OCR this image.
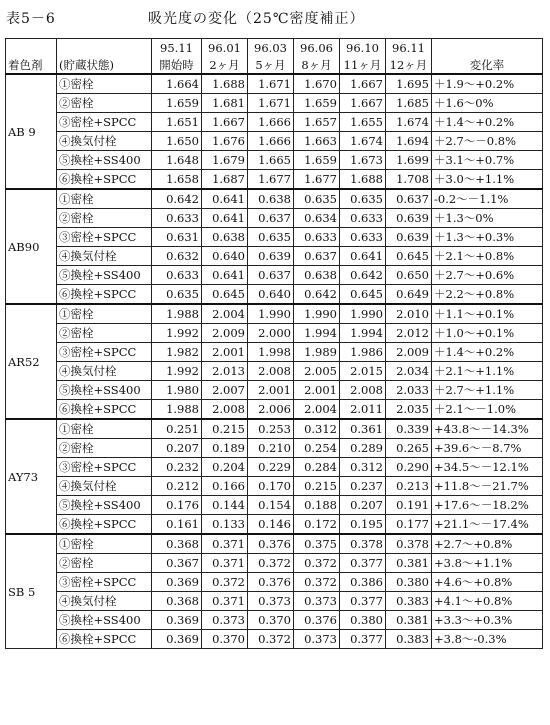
表5－6	吸光度の変化（25℃密度補正）
着色剤	(貯蔵状態)	95.11	96.01	96.03	96.06	96.10	96.11	変化率
		開始時	2ヶ月	5ヶ月	8ヶ月	11ヶ月	12ヶ月	
AB 9	①密栓	1.664	1.688	1.671	1.670	1.667	1.695	＋1.9～+0.2%
	②密栓	1.659	1.681	1.671	1.659	1.667	1.685	＋1.6～0%
	③密栓+SPCC	1.651	1.667	1.666	1.657	1.655	1.674	＋1.4～+0.2%
	④換気付栓	1.650	1.676	1.666	1.663	1.674	1.694	＋2.7～－0.8%
	⑤換栓+SS400	1.648	1.679	1.665	1.659	1.673	1.699	＋3.1～+0.7%
	⑥換栓+SPCC	1.658	1.687	1.677	1.677	1.688	1.708	＋3.0～+1.1%
AB90	①密栓	0.642	0.641	0.638	0.635	0.635	0.637	-0.2～－1.1%
	②密栓	0.633	0.641	0.637	0.634	0.633	0.639	＋1.3～0%
	③密栓+SPCC	0.631	0.638	0.635	0.633	0.633	0.639	＋1.3～+0.3%
	④換気付栓	0.632	0.640	0.639	0.637	0.641	0.645	＋2.1～+0.8%
	⑤換栓+SS400	0.633	0.641	0.637	0.638	0.642	0.650	＋2.7～+0.6%
	⑥換栓+SPCC	0.635	0.645	0.640	0.642	0.645	0.649	＋2.2～+0.8%
AR52	①密栓	1.988	2.004	1.990	1.990	1.990	2.010	＋1.1～+0.1%
	②密栓	1.992	2.009	2.000	1.994	1.994	2.012	＋1.0～+0.1%
	③密栓+SPCC	1.982	2.001	1.998	1.989	1.986	2.009	＋1.4～+0.2%
	④換気付栓	1.992	2.013	2.008	2.005	2.015	2.034	＋2.1～+1.1%
	⑤換栓+SS400	1.980	2.007	2.001	2.001	2.008	2.033	＋2.7～+1.1%
	⑥換栓+SPCC	1.988	2.008	2.006	2.004	2.011	2.035	＋2.1～－1.0%
AY73	①密栓	0.251	0.215	0.253	0.312	0.361	0.339	+43.8～－14.3%
	②密栓	0.207	0.189	0.210	0.254	0.289	0.265	+39.6～－8.7%
	③密栓+SPCC	0.232	0.204	0.229	0.284	0.312	0.290	+34.5～－12.1%
	④換気付栓	0.212	0.166	0.170	0.215	0.237	0.213	+11.8～－21.7%
	⑤換栓+SS400	0.176	0.144	0.154	0.188	0.207	0.191	+17.6～－18.2%
	⑥換栓+SPCC	0.161	0.133	0.146	0.172	0.195	0.177	+21.1～－17.4%
SB 5	①密栓	0.368	0.371	0.376	0.375	0.378	0.378	+2.7～+0.8%
	②密栓	0.367	0.371	0.372	0.372	0.377	0.381	+3.8～+1.1%
	③密栓+SPCC	0.369	0.372	0.376	0.372	0.386	0.380	+4.6～+0.8%
	④換気付栓	0.368	0.371	0.373	0.373	0.377	0.383	+4.1～+0.8%
	⑤換栓+SS400	0.369	0.373	0.370	0.376	0.380	0.381	+3.3～+0.3%
	⑥換栓+SPCC	0.369	0.370	0.372	0.373	0.377	0.383	+3.8～-0.3%
